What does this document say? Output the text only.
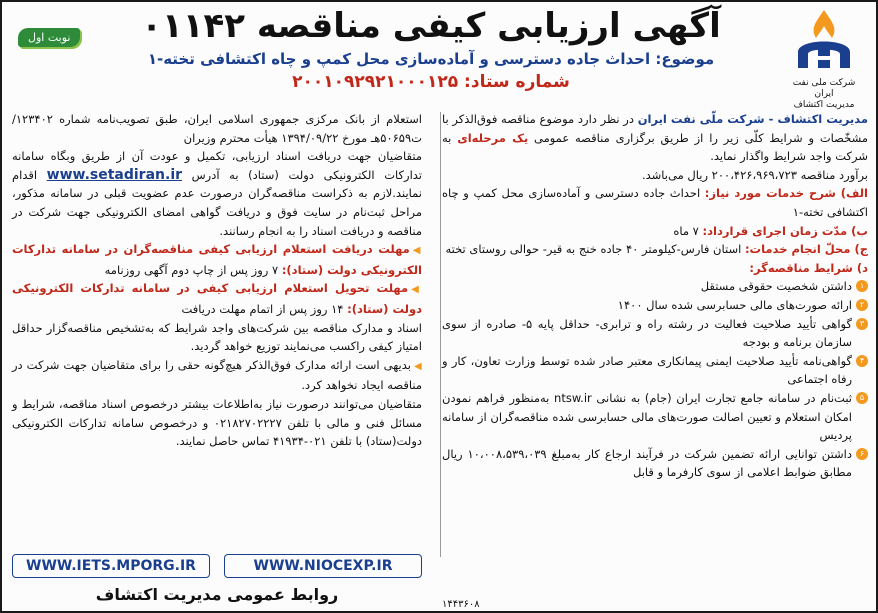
شرکت ملی نفت ایران
مدیریت اکتشاف
نوبت اول	آگهی ارزیابی کیفی مناقصه ۰۱۱۴۲
موضوع: احداث جاده دسترسی و آماده‌سازی محل کمپ و چاه اکتشافی تخته-۱
شماره ستاد: ۲۰۰۱۰۹۲۹۲۱۰۰۰۱۲۵

مدیریت اکتشاف - شرکت ملّی نفت ایران در نظر دارد موضوع مناقصه فوق‌الذکر با مشخّصات و شرایط کلّی زیر را از طریق برگزاری مناقصه عمومی یک مرحله‌ای به شرکت واجد شرایط واگذار نماید.

برآورد مناقصه ۲۰۰،۴۲۶،۹۶۹،۷۲۳ ریال می‌باشد.

الف) شرح خدمات مورد نیاز: احداث جاده دسترسی و آماده‌سازی محل کمپ و چاه اکتشافی تخته-۱

ب) مدّت زمان اجرای قرارداد: ۷ ماه

ج) محلّ انجام خدمات: استان فارس-کیلومتر ۴۰ جاده خنج به قیر- حوالی روستای تخته

د) شرایط مناقصه‌گر:

۱
داشتن شخصیت حقوقی مستقل

۲
ارائه صورت‌های مالی حسابرسی شده سال ۱۴۰۰

۳
گواهی تأیید صلاحیت فعالیت در رشته راه و ترابری- حداقل پایه ۵- صادره از سوی سازمان برنامه و بودجه

۴
گواهی‌نامه تأیید صلاحیت ایمنی پیمانکاری معتبر صادر شده توسط وزارت تعاون، کار و رفاه اجتماعی

۵
ثبت‌نام در سامانه جامع تجارت ایران (جام) به نشانی ntsw.ir به‌منظور فراهم نمودن امکان استعلام و تعیین اصالت صورت‌های مالی حسابرسی شده مناقصه‌گران از سامانه پردیس

۶
داشتن توانایی ارائه تضمین شرکت در فرآیند ارجاع کار به‌مبلغ ۱۰،۰۰۸،۵۳۹،۰۳۹ ریال مطابق ضوابط اعلامی از سوی کارفرما و قابل

استعلام از بانک مرکزی جمهوری اسلامی ایران، طبق تصویب‌نامه شماره ۱۲۳۴۰۲/ت۵۰۶۵۹هـ مورخ ۱۳۹۴/۰۹/۲۲ هیأت محترم وزیران

متقاضیان جهت دریافت اسناد ارزیابی، تکمیل و عودت آن از طریق وبگاه سامانه تدارکات الکترونیکی دولت (ستاد) به آدرس www.setadiran.ir اقدام نمایند.لازم به ذکراست مناقصه‌گران درصورت عدم عضویت قبلی در سامانه مذکور، مراحل ثبت‌نام در سایت فوق و دریافت گواهی امضای الکترونیکی جهت شرکت در مناقصه و دریافت اسناد را به انجام رسانند.

◀مهلت دریافت استعلام ارزیابی کیفی مناقصه‌گران در سامانه تدارکات الکترونیکی دولت (ستاد): ۷ روز پس از چاپ دوم آگهی روزنامه

◀مهلت تحویل استعلام ارزیابی کیفی در سامانه تدارکات الکترونیکی دولت (ستاد): ۱۴ روز پس از اتمام مهلت دریافت

اسناد و مدارک مناقصه بین شرکت‌های واجد شرایط که به‌تشخیص مناقصه‌گزار حداقل امتیاز کیفی راکسب می‌نمایند توزیع خواهد گردید.

◀بدیهی است ارائه مدارک فوق‌الذکر هیچ‌گونه حقی را برای متقاضیان جهت شرکت در مناقصه ایجاد نخواهد کرد.

متقاضیان می‌توانند درصورت نیاز به‌اطلاعات بیشتر درخصوص اسناد مناقصه، شرایط و مسائل فنی و مالی با تلفن ۰۲۱۸۲۷۰۲۲۲۷ و درخصوص سامانه تدارکات الکترونیکی دولت(ستاد) با تلفن ۰۲۱-۴۱۹۳۴ تماس حاصل نمایند.

WWW.IETS.MPORG.IR	WWW.NIOCEXP.IR
روابط عمومی مدیریت اکتشاف
۱۴۴۳۶۰۸
